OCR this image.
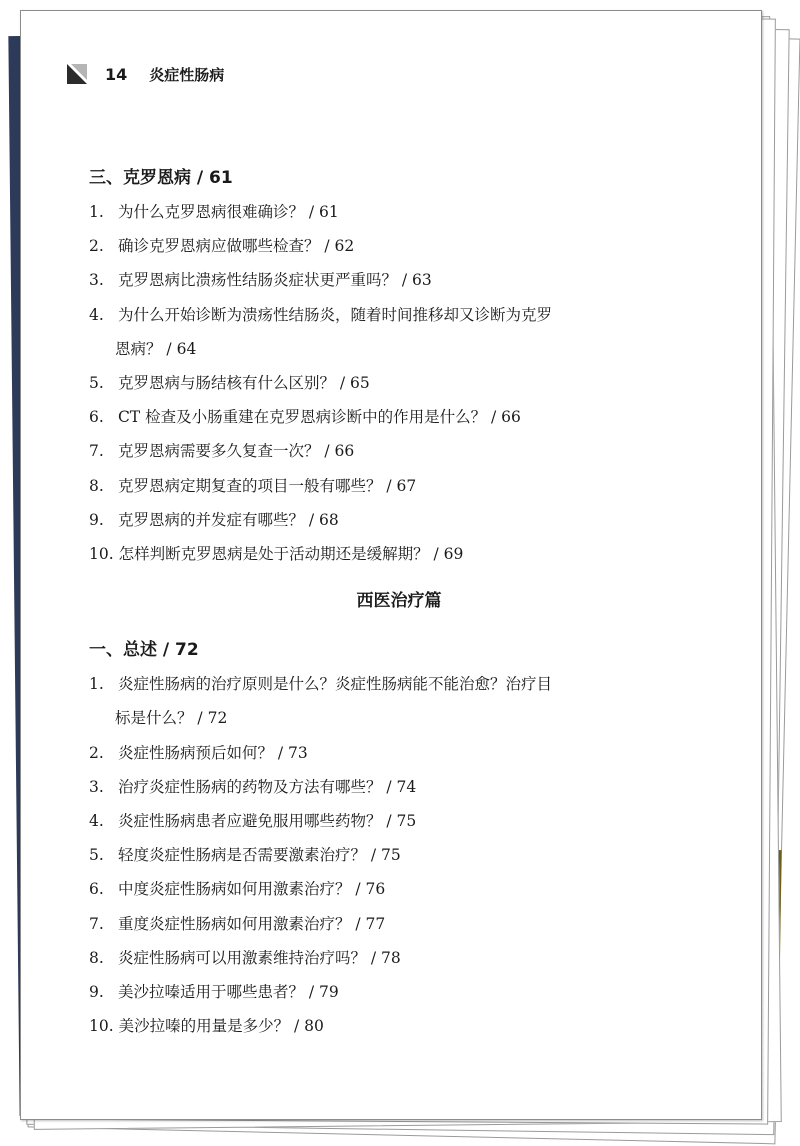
14 炎症性肠病
三、克罗恩病 / 61
1. 为什么克罗恩病很难确诊？ / 61
2. 确诊克罗恩病应做哪些检查？ / 62
3. 克罗恩病比溃疡性结肠炎症状更严重吗？ / 63
4. 为什么开始诊断为溃疡性结肠炎，随着时间推移却又诊断为克罗
恩病？ / 64
5. 克罗恩病与肠结核有什么区别？ / 65
6. CT 检查及小肠重建在克罗恩病诊断中的作用是什么？ / 66
7. 克罗恩病需要多久复查一次？ / 66
8. 克罗恩病定期复查的项目一般有哪些？ / 67
9. 克罗恩病的并发症有哪些？ / 68
10. 怎样判断克罗恩病是处于活动期还是缓解期？ / 69
西医治疗篇
一、总述 / 72
1. 炎症性肠病的治疗原则是什么？炎症性肠病能不能治愈？治疗目
标是什么？ / 72
2. 炎症性肠病预后如何？ / 73
3. 治疗炎症性肠病的药物及方法有哪些？ / 74
4. 炎症性肠病患者应避免服用哪些药物？ / 75
5. 轻度炎症性肠病是否需要激素治疗？ / 75
6. 中度炎症性肠病如何用激素治疗？ / 76
7. 重度炎症性肠病如何用激素治疗？ / 77
8. 炎症性肠病可以用激素维持治疗吗？ / 78
9. 美沙拉嗪适用于哪些患者？ / 79
10. 美沙拉嗪的用量是多少？ / 80
